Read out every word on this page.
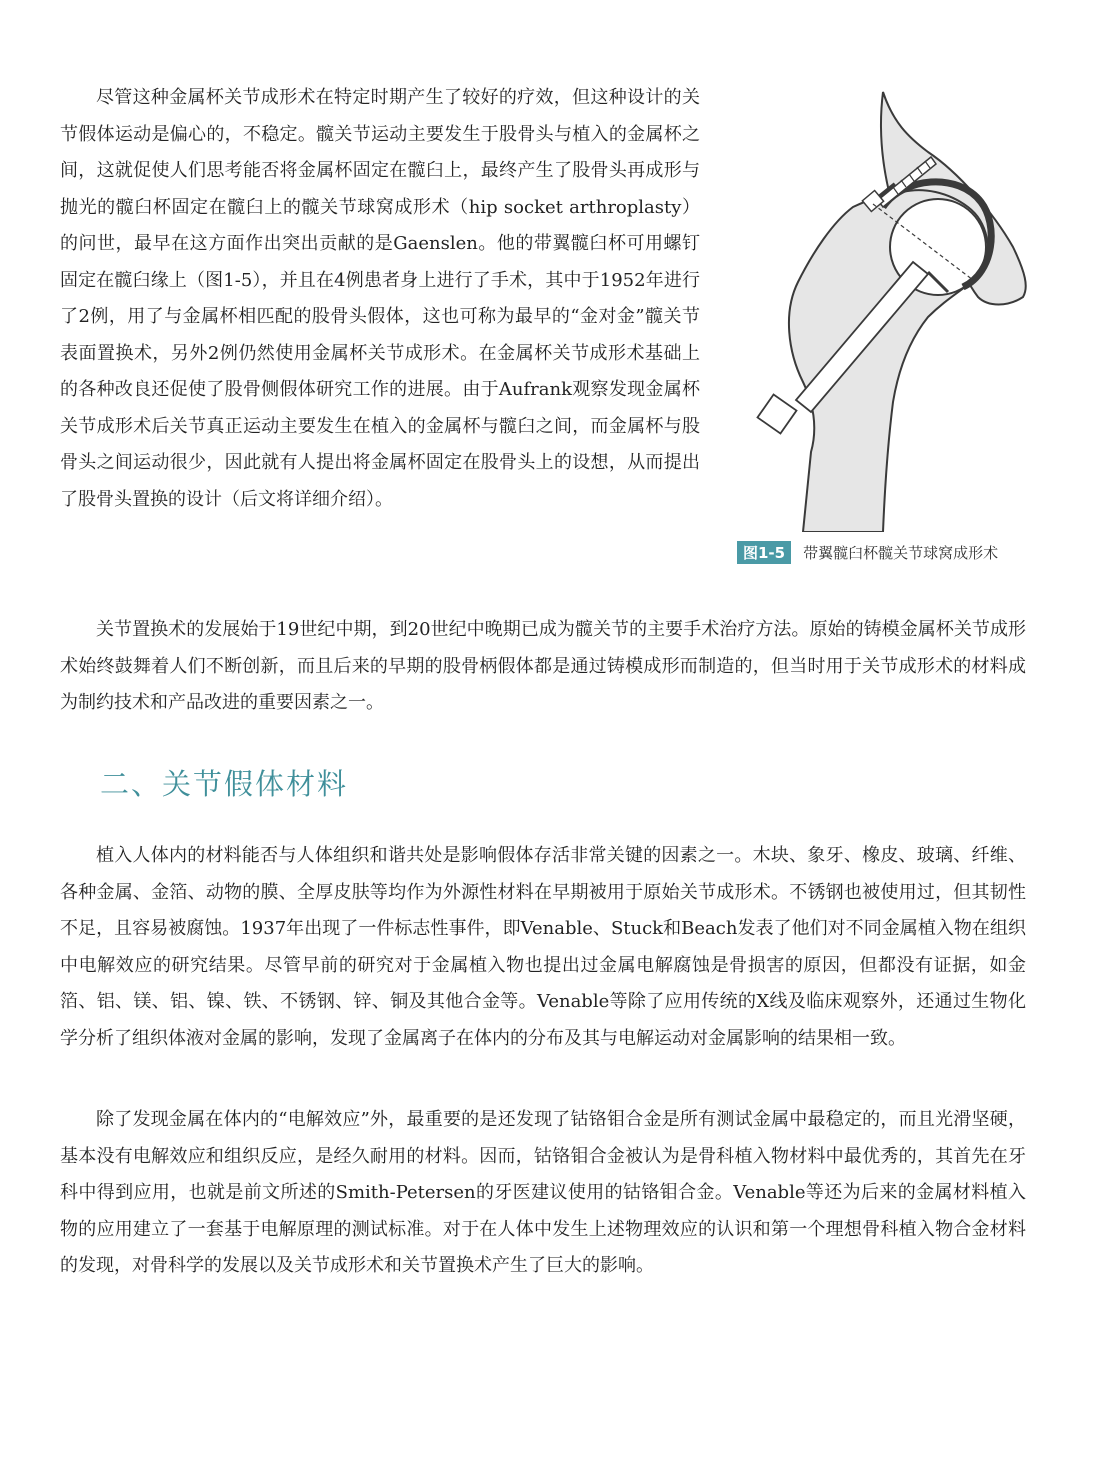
尽管这种金属杯关节成形术在特定时期产生了较好的疗效，但这种设计的关节假体运动是偏心的，不稳定。髋关节运动主要发生于股骨头与植入的金属杯之间，这就促使人们思考能否将金属杯固定在髋臼上，最终产生了股骨头再成形与抛光的髋臼杯固定在髋臼上的髋关节球窝成形术（hip socket arthroplasty）的问世，最早在这方面作出突出贡献的是Gaenslen。他的带翼髋臼杯可用螺钉固定在髋臼缘上（图1-5），并且在4例患者身上进行了手术，其中于1952年进行了2例，用了与金属杯相匹配的股骨头假体，这也可称为最早的“金对金”髋关节表面置换术，另外2例仍然使用金属杯关节成形术。在金属杯关节成形术基础上的各种改良还促使了股骨侧假体研究工作的进展。由于Aufrank观察发现金属杯关节成形术后关节真正运动主要发生在植入的金属杯与髋臼之间，而金属杯与股骨头之间运动很少，因此就有人提出将金属杯固定在股骨头上的设想，从而提出了股骨头置换的设计（后文将详细介绍）。

图1-5	带翼髋臼杯髋关节球窝成形术

关节置换术的发展始于19世纪中期，到20世纪中晚期已成为髋关节的主要手术治疗方法。原始的铸模金属杯关节成形术始终鼓舞着人们不断创新，而且后来的早期的股骨柄假体都是通过铸模成形而制造的，但当时用于关节成形术的材料成为制约技术和产品改进的重要因素之一。

二、关节假体材料

植入人体内的材料能否与人体组织和谐共处是影响假体存活非常关键的因素之一。木块、象牙、橡皮、玻璃、纤维、各种金属、金箔、动物的膜、全厚皮肤等均作为外源性材料在早期被用于原始关节成形术。不锈钢也被使用过，但其韧性不足，且容易被腐蚀。1937年出现了一件标志性事件，即Venable、Stuck和Beach发表了他们对不同金属植入物在组织中电解效应的研究结果。尽管早前的研究对于金属植入物也提出过金属电解腐蚀是骨损害的原因，但都没有证据，如金箔、铝、镁、铝、镍、铁、不锈钢、锌、铜及其他合金等。Venable等除了应用传统的X线及临床观察外，还通过生物化学分析了组织体液对金属的影响，发现了金属离子在体内的分布及其与电解运动对金属影响的结果相一致。

除了发现金属在体内的“电解效应”外，最重要的是还发现了钴铬钼合金是所有测试金属中最稳定的，而且光滑坚硬，基本没有电解效应和组织反应，是经久耐用的材料。因而，钴铬钼合金被认为是骨科植入物材料中最优秀的，其首先在牙科中得到应用，也就是前文所述的Smith-Petersen的牙医建议使用的钴铬钼合金。Venable等还为后来的金属材料植入物的应用建立了一套基于电解原理的测试标准。对于在人体中发生上述物理效应的认识和第一个理想骨科植入物合金材料的发现，对骨科学的发展以及关节成形术和关节置换术产生了巨大的影响。
